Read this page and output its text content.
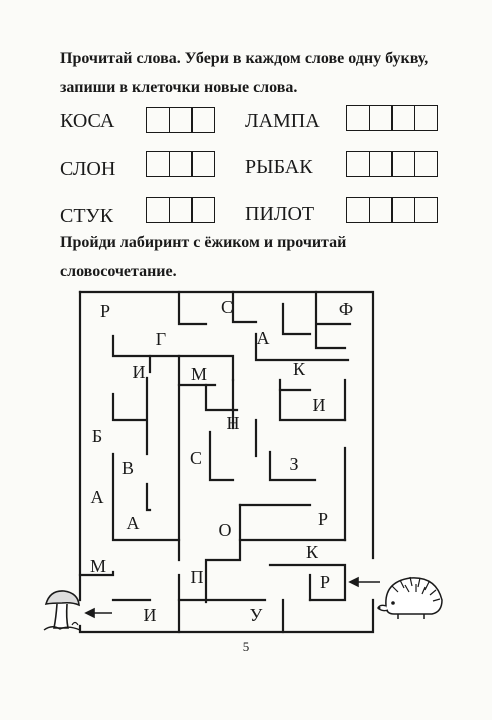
Прочитай слова. Убери в каждом слове одну букву, запиши в клеточки новые слова.
КОСА	ЛАМПА
СЛОН	РЫБАК
СТУК	ПИЛОТ
Пройди лабиринт с ёжиком и прочитай словосочетание.
Р	С	Ф
Г	А
И	М	К
И
Н
Б
С	З
В
А
А	О
Р
К
М
П	Р
И	У
5
